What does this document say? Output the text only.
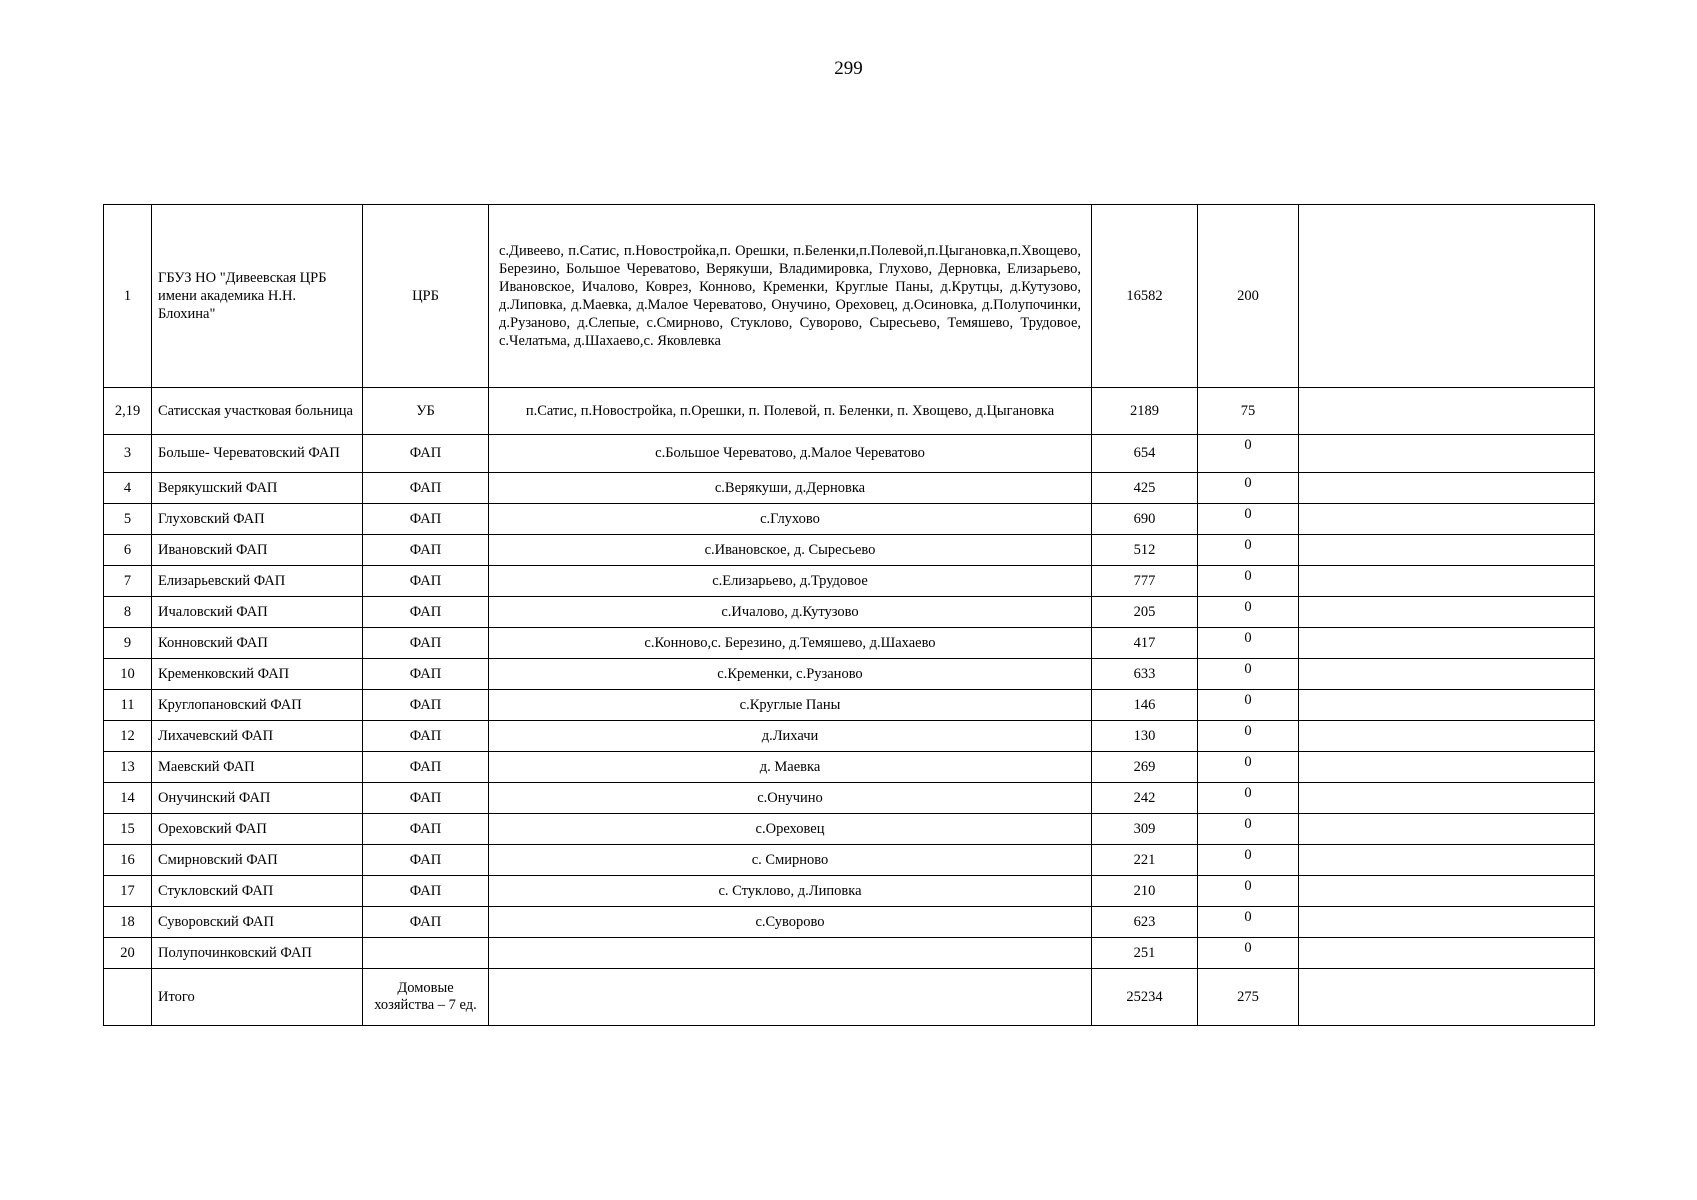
299
1	ГБУЗ НО "Дивеевская ЦРБ имени академика Н.Н. Блохина"	ЦРБ	с.Дивеево, п.Сатис, п.Новостройка,п. Орешки, п.Беленки,п.Полевой,п.Цыгановка,п.Хвощево, Березино, Большое Череватово, Верякуши, Владимировка, Глухово, Дерновка, Елизарьево, Ивановское, Ичалово, Коврез, Конново, Кременки, Круглые Паны, д.Крутцы, д.Кутузово, д.Липовка, д.Маевка, д.Малое Череватово, Онучино, Ореховец, д.Осиновка, д.Полупочинки, д.Рузаново, д.Слепые, с.Смирново, Стуклово, Суворово, Сыресьево, Темяшево, Трудовое, с.Челатьма, д.Шахаево,с. Яковлевка	16582	200	
2,19	Сатисская участковая больница	УБ	п.Сатис, п.Новостройка, п.Орешки, п. Полевой, п. Беленки, п. Хвощево, д.Цыгановка	2189	75	
3	Больше- Череватовский ФАП	ФАП	с.Большое Череватово, д.Малое Череватово	654	0	
4	Верякушский ФАП	ФАП	с.Верякуши, д.Дерновка	425	0	
5	Глуховский ФАП	ФАП	с.Глухово	690	0	
6	Ивановский ФАП	ФАП	с.Ивановское, д. Сыресьево	512	0	
7	Елизарьевский ФАП	ФАП	с.Елизарьево, д.Трудовое	777	0	
8	Ичаловский ФАП	ФАП	с.Ичалово, д.Кутузово	205	0	
9	Конновский ФАП	ФАП	с.Конново,с. Березино, д.Темяшево, д.Шахаево	417	0	
10	Кременковский ФАП	ФАП	с.Кременки, с.Рузаново	633	0	
11	Круглопановский ФАП	ФАП	с.Круглые Паны	146	0	
12	Лихачевский ФАП	ФАП	д.Лихачи	130	0	
13	Маевский ФАП	ФАП	д. Маевка	269	0	
14	Онучинский ФАП	ФАП	с.Онучино	242	0	
15	Ореховский ФАП	ФАП	с.Ореховец	309	0	
16	Смирновский ФАП	ФАП	с. Смирново	221	0	
17	Стукловский ФАП	ФАП	с. Стуклово, д.Липовка	210	0	
18	Суворовский ФАП	ФАП	с.Суворово	623	0	
20	Полупочинковский ФАП			251	0	
	Итого	Домовые хозяйства – 7 ед.		25234	275	
